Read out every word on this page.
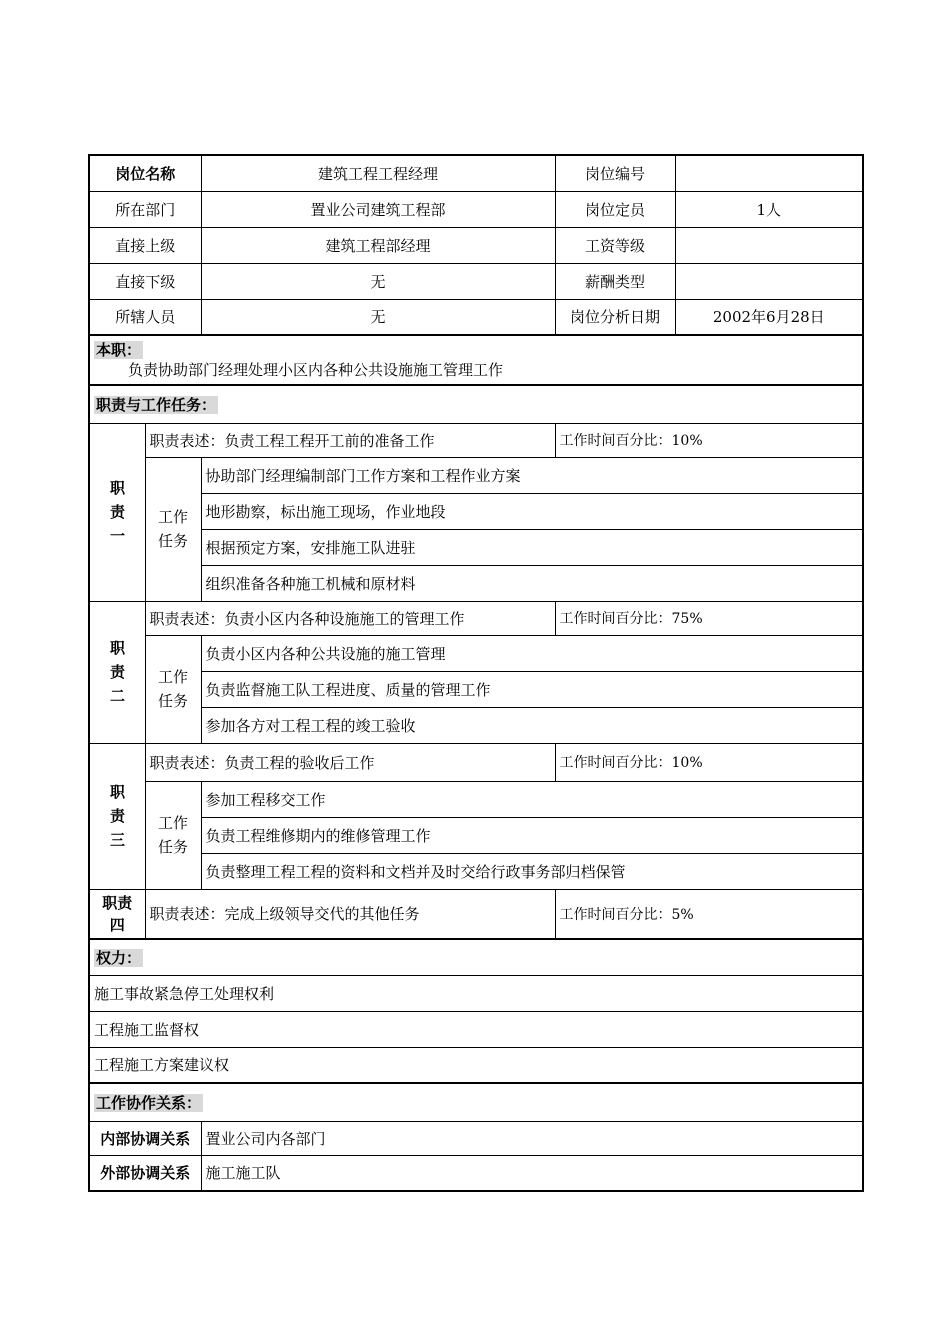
岗位名称		建筑工程工程经理	岗位编号	
所在部门		置业公司建筑工程部	岗位定员	1人
直接上级		建筑工程部经理	工资等级	
直接下级		无	薪酬类型	
所辖人员		无	岗位分析日期	2002年6月28日

本职：
负责协助部门经理处理小区内各种公共设施施工管理工作				

职责与工作任务：				
职责一	职责表述：负责工程工程开工前的准备工作		工作时间百分比：10%	
	工作任务	协助部门经理编制部门工作方案和工程作业方案		
		地形勘察，标出施工现场，作业地段		
		根据预定方案，安排施工队进驻		
		组织准备各种施工机械和原材料		
职责二	职责表述：负责小区内各种设施施工的管理工作		工作时间百分比：75%	
	工作任务	负责小区内各种公共设施的施工管理		
		负责监督施工队工程进度、质量的管理工作		
		参加各方对工程工程的竣工验收		
职责三	职责表述：负责工程的验收后工作		工作时间百分比：10%	
	工作任务	参加工程移交工作		
		负责工程维修期内的维修管理工作		
		负责整理工程工程的资料和文档并及时交给行政事务部归档保管		
职责四	职责表述：完成上级领导交代的其他任务		工作时间百分比：5%	
权力：				
施工事故紧急停工处理权利				
工程施工监督权				
工程施工方案建议权				
工作协作关系：				
内部协调关系		置业公司内各部门		
外部协调关系		施工施工队		
